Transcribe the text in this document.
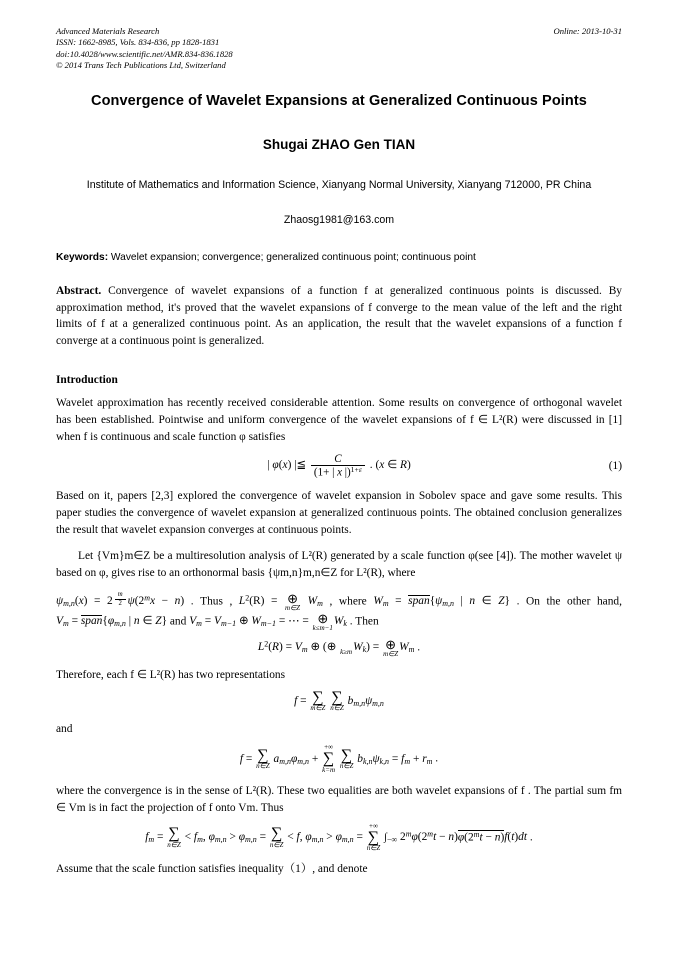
Advanced Materials Research
ISSN: 1662-8985, Vols. 834-836, pp 1828-1831
doi:10.4028/www.scientific.net/AMR.834-836.1828
© 2014 Trans Tech Publications Ltd, Switzerland
Online: 2013-10-31
Convergence of Wavelet Expansions at Generalized Continuous Points
Shugai ZHAO Gen TIAN
Institute of Mathematics and Information Science, Xianyang Normal University, Xianyang 712000, PR China
Zhaosg1981@163.com
Keywords: Wavelet expansion; convergence; generalized continuous point; continuous point
Abstract. Convergence of wavelet expansions of a function f at generalized continuous points is discussed. By approximation method, it's proved that the wavelet expansions of f converge to the mean value of the left and the right limits of f at a generalized continuous point. As an application, the result that the wavelet expansions of a function f converge at a continuous point is generalized.
Introduction
Wavelet approximation has recently received considerable attention. Some results on convergence of orthogonal wavelet has been established. Pointwise and uniform convergence of the wavelet expansions of f ∈ L²(R) were discussed in [1] when f is continuous and scale function φ satisfies
| φ(x) |≦ $\frac{C}{(1+ | x |)^{1+\varepsilon}}$ . (x ∈ R)	(1)
Based on it, papers [2,3] explored the convergence of wavelet expansion in Sobolev space and gave some results. This paper studies the convergence of wavelet expansion at generalized continuous points. The obtained conclusion generalizes the result that wavelet expansion converges at continuous points.
Let {Vm}m∈Z be a multiresolution analysis of L²(R) generated by a scale function φ(see [4]). The mother wavelet ψ based on φ, gives rise to an orthonormal basis {ψm,n}m,n∈Z for L²(R), where
$\psi_{m,n}(x) = 2$ $^{\frac{m}{2}}$ $\psi(2^mx - n)$ . Thus , $L^2(R)$ = ⊕
m∈Z
$W_m$ , where $W_m$ = $span\{\psi_{m,n}$ | n ∈ Z} . On the other hand, $V_m$ = $span\{\varphi_{m,n}$ | n ∈ Z} and $V_m = V_{m-1}$ ⊕ $W_{m-1}$ = ⋯ = ⊕
k≤m−1
$W_k$ . Then
$L^2(R) = V_m$ ⊕ (⊕
k≥m $W_k$) = ⊕
m∈Z
$W_m$ .
Therefore, each f ∈ L²(R) has two representations
f = ∑
m∈Z

∑
n∈Z
$b_{m,n}\psi_{m,n}$
and
f = ∑
n∈Z
$a_{m,n}\varphi_{m,n}$ +
+∞
∑
k=m

∑
n∈Z
$b_{k,n}\psi_{k,n} = f_m + r_m$ .
where the convergence is in the sense of L²(R). These two equalities are both wavelet expansions of f . The partial sum fm ∈ Vm is in fact the projection of f onto Vm. Thus
$f_m$ = ∑
n∈Z
< $f_m$, $\varphi_{m,n} > \varphi_{m,n}$ = ∑
n∈Z
< f, $\varphi_{m,n} > \varphi_{m,n}$ =
+∞
∑
n∈Z
$\int_{-\infty}$ $2^m\varphi(2^mt - n)\varphi(2^mt - n)f(t)dt$ .
Assume that the scale function satisfies inequality（1）, and denote
